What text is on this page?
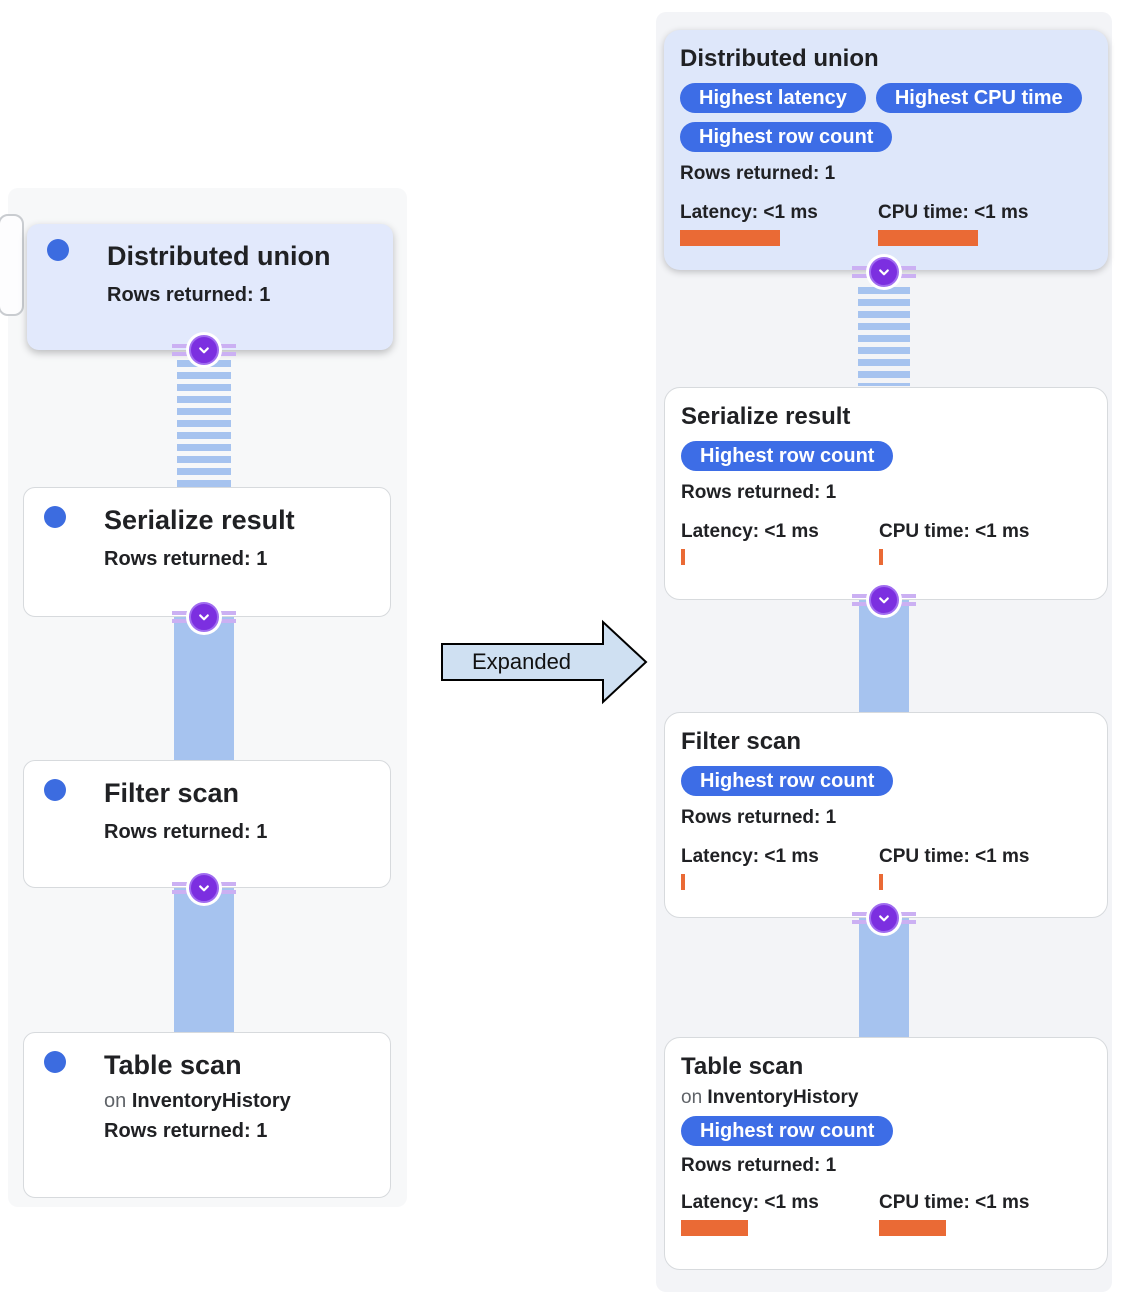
Distributed union
Rows returned: 1
Serialize result
Rows returned: 1
Filter scan
Rows returned: 1
Table scan
on InventoryHistory
Rows returned: 1
Expanded
Distributed union
Highest latency	Highest CPU time
Highest row count
Rows returned: 1
Latency: <1 ms	CPU time: <1 ms
Serialize result
Highest row count
Rows returned: 1
Latency: <1 ms	CPU time: <1 ms
Filter scan
Highest row count
Rows returned: 1
Latency: <1 ms	CPU time: <1 ms
Table scan
on InventoryHistory
Highest row count
Rows returned: 1
Latency: <1 ms	CPU time: <1 ms
